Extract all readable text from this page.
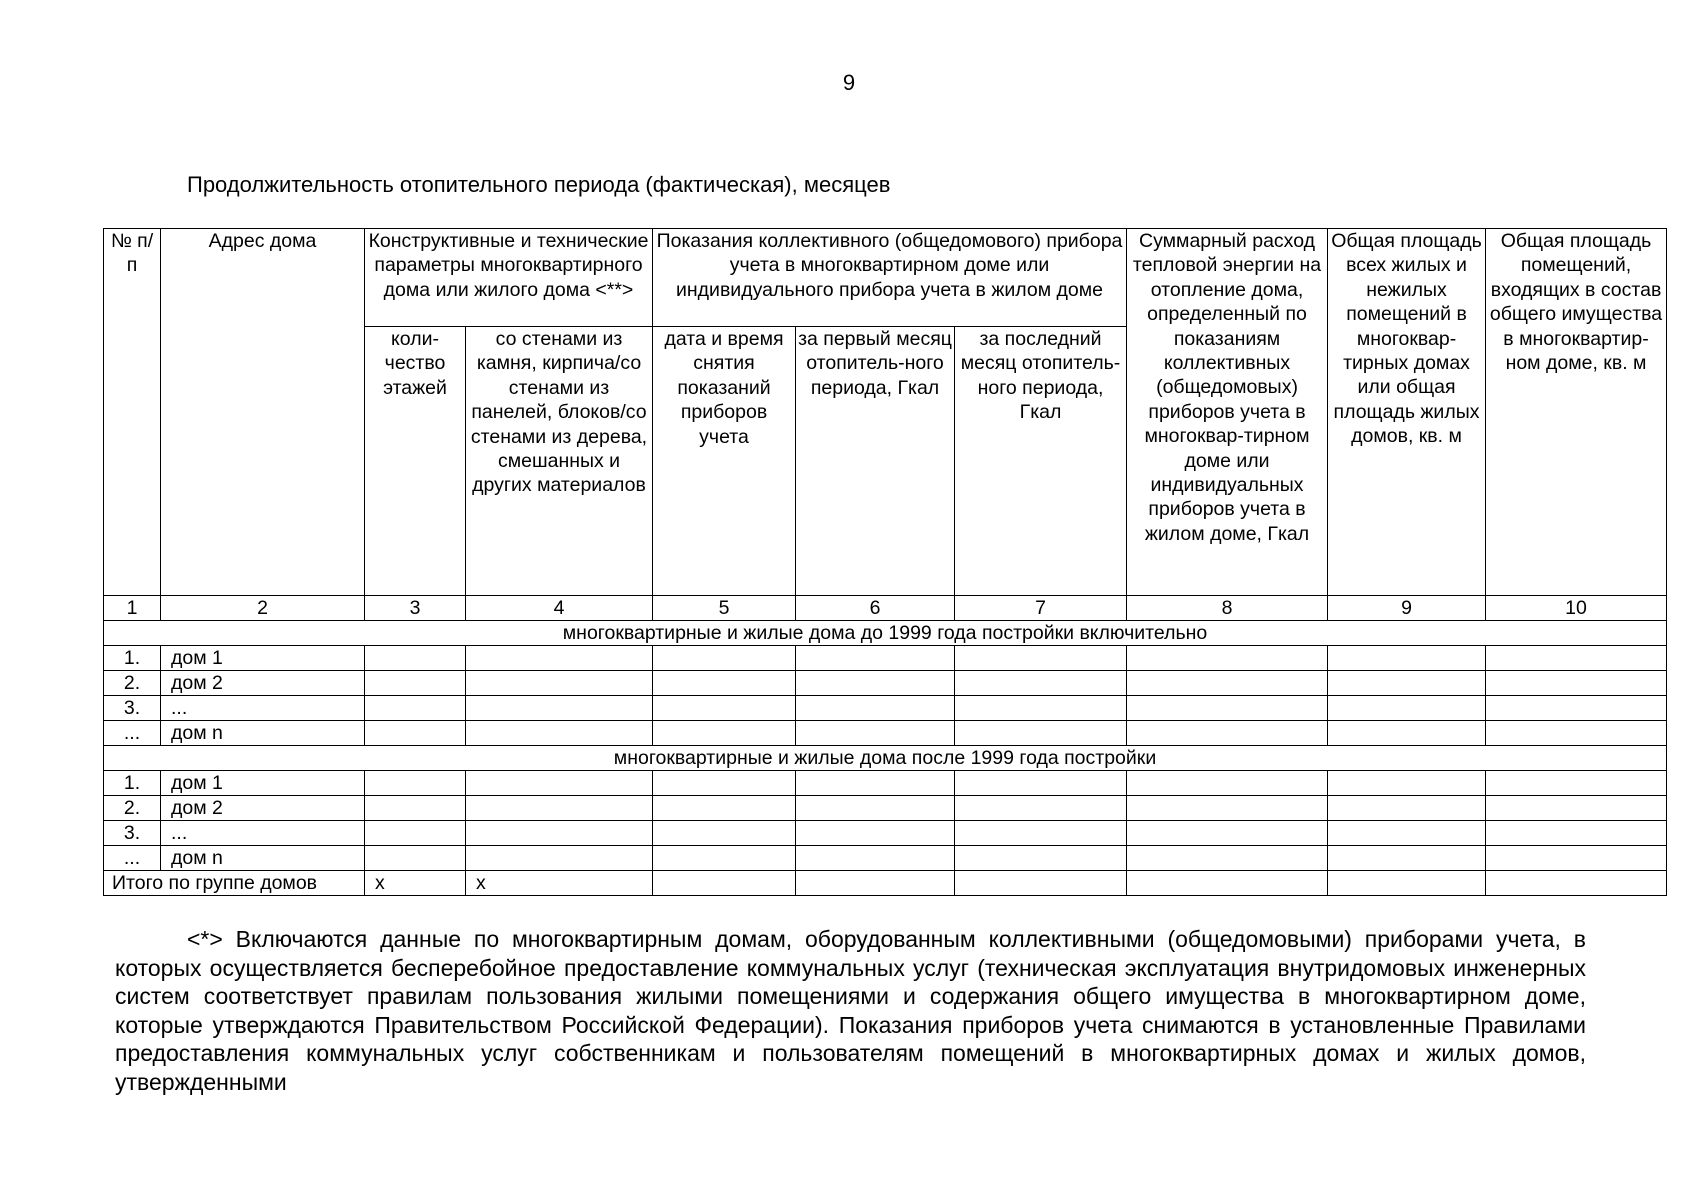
9
Продолжительность отопительного периода (фактическая), месяцев
№ п/п	Адрес дома	Конструктивные и технические параметры многоквартирного дома или жилого дома <**>		Показания коллективного (общедомового) прибора учета в многоквартирном доме или индивидуального прибора учета в жилом доме			Суммарный расход тепловой энергии на отопление дома, определенный по показаниям коллективных (общедомовых) приборов учета в многоквар-тирном доме или индивидуальных приборов учета в жилом доме, Гкал	Общая площадь всех жилых и нежилых помещений в многоквар-тирных домах или общая площадь жилых домов, кв. м	Общая площадь помещений, входящих в состав общего имущества в многоквартир-ном доме, кв. м
		коли-чество этажей	со стенами из камня, кирпича/со стенами из панелей, блоков/со стенами из дерева, смешанных и других материалов	дата и время снятия показаний приборов учета	за первый месяц отопитель-ного периода, Гкал	за последний месяц отопитель-ного периода, Гкал			
1	2	3	4	5	6	7	8	9	10
многоквартирные и жилые дома до 1999 года постройки включительно									
1.	дом 1								
2.	дом 2								
3.	...								
...	дом n								
многоквартирные и жилые дома после 1999 года постройки									
1.	дом 1								
2.	дом 2								
3.	...								
...	дом n								
Итого по группе домов		х	х						
<*> Включаются данные по многоквартирным домам, оборудованным коллективными (общедомовыми) приборами учета, в которых осуществляется бесперебойное предоставление коммунальных услуг (техническая эксплуатация внутридомовых инженерных систем соответствует правилам пользования жилыми помещениями и содержания общего имущества в многоквартирном доме, которые утверждаются Правительством Российской Федерации). Показания приборов учета снимаются в установленные Правилами предоставления коммунальных услуг собственникам и пользователям помещений в многоквартирных домах и жилых домов, утвержденными
